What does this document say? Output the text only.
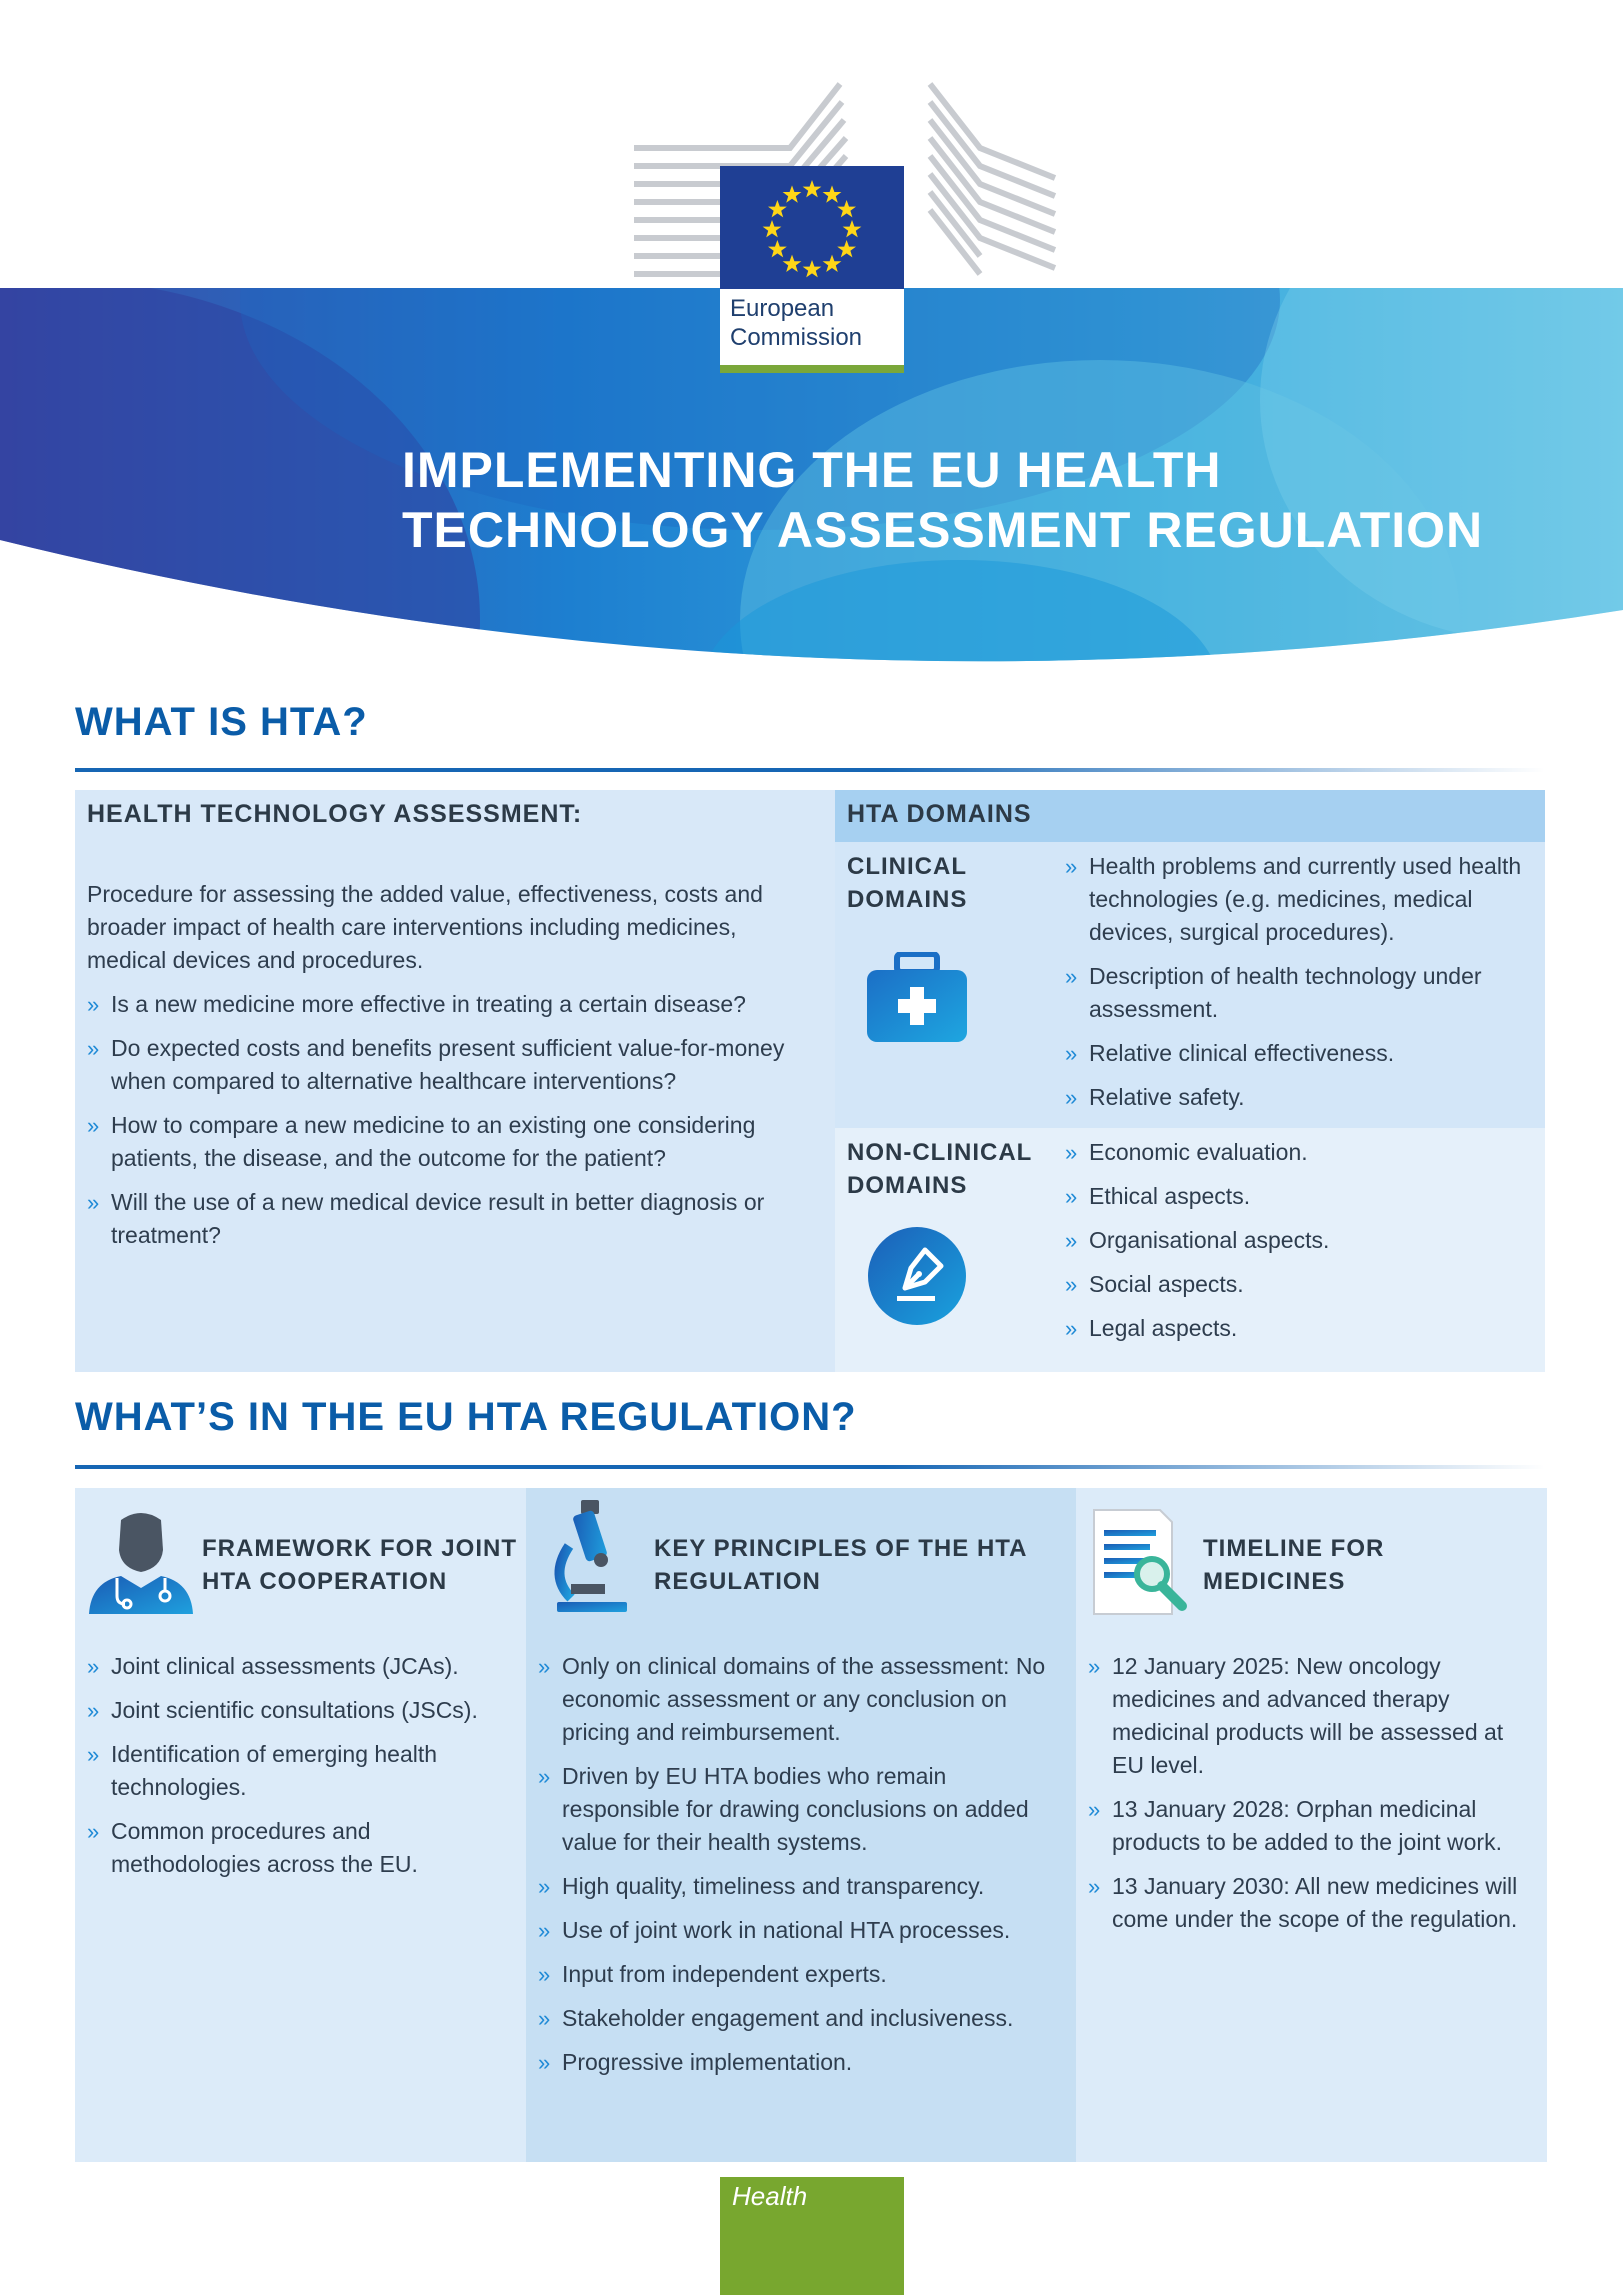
European
Commission
IMPLEMENTING THE EU HEALTH
TECHNOLOGY ASSESSMENT REGULATION
WHAT IS HTA?
HEALTH TECHNOLOGY ASSESSMENT:
Procedure for assessing the added value, effectiveness, costs and broader impact of health care interventions including medicines, medical devices and procedures.
» Is a new medicine more effective in treating a certain disease?
» Do expected costs and benefits present sufficient value-for-money when compared to alternative healthcare interventions?
» How to compare a new medicine to an existing one considering patients, the disease, and the outcome for the patient?
» Will the use of a new medical device result in better diagnosis or treatment?
HTA DOMAINS
CLINICAL
DOMAINS
» Health problems and currently used health technologies (e.g. medicines, medical devices, surgical procedures).
» Description of health technology under assessment.
» Relative clinical effectiveness.
» Relative safety.
NON-CLINICAL
DOMAINS
» Economic evaluation.
» Ethical aspects.
» Organisational aspects.
» Social aspects.
» Legal aspects.
WHAT’S IN THE EU HTA REGULATION?
FRAMEWORK FOR JOINT
HTA COOPERATION
» Joint clinical assessments (JCAs).
» Joint scientific consultations (JSCs).
» Identification of emerging health technologies.
» Common procedures and methodologies across the EU.
KEY PRINCIPLES OF THE HTA
REGULATION
» Only on clinical domains of the assessment: No economic assessment or any conclusion on pricing and reimbursement.
» Driven by EU HTA bodies who remain responsible for drawing conclusions on added value for their health systems.
» High quality, timeliness and transparency.
» Use of joint work in national HTA processes.
» Input from independent experts.
» Stakeholder engagement and inclusiveness.
» Progressive implementation.
TIMELINE FOR
MEDICINES
» 12 January 2025: New oncology medicines and advanced therapy medicinal products will be assessed at EU level.
» 13 January 2028: Orphan medicinal products to be added to the joint work.
» 13 January 2030: All new medicines will come under the scope of the regulation.
Health
